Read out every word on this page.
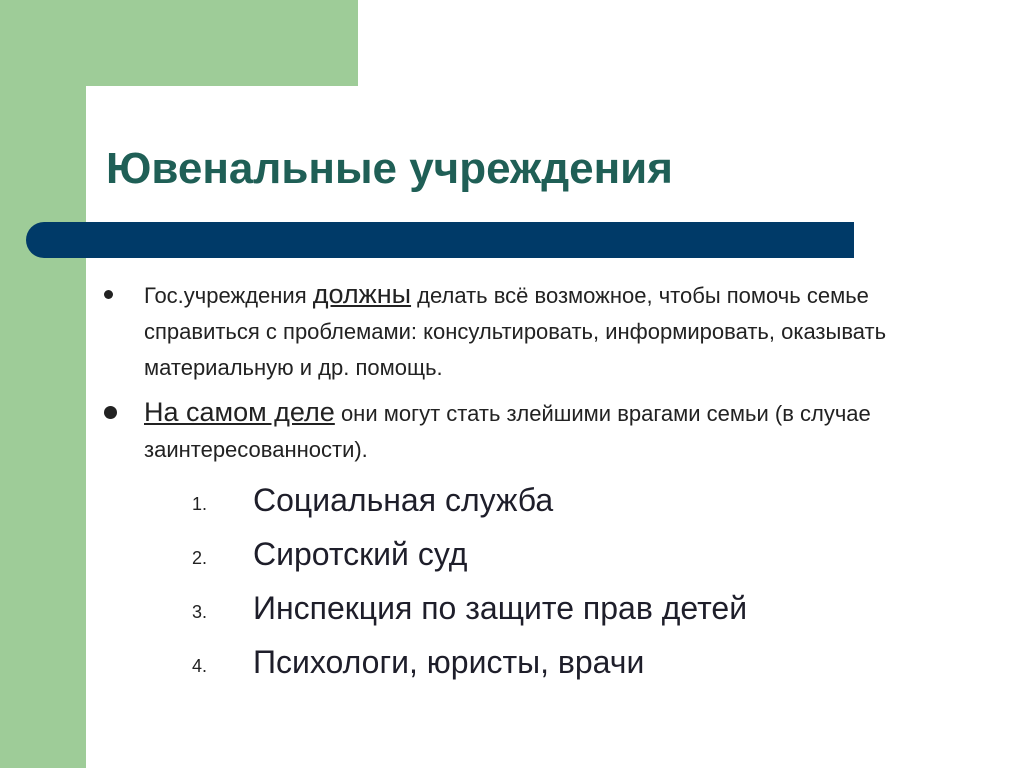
Ювенальные учреждения
Гос.учреждения должны делать всё возможное, чтобы помочь семье справиться с проблемами: консультировать, информировать, оказывать материальную и др. помощь.
На самом деле они могут стать злейшими врагами семьи (в случае заинтересованности).
1. Социальная служба
2. Сиротский суд
3. Инспекция по защите прав детей
4. Психологи, юристы, врачи
